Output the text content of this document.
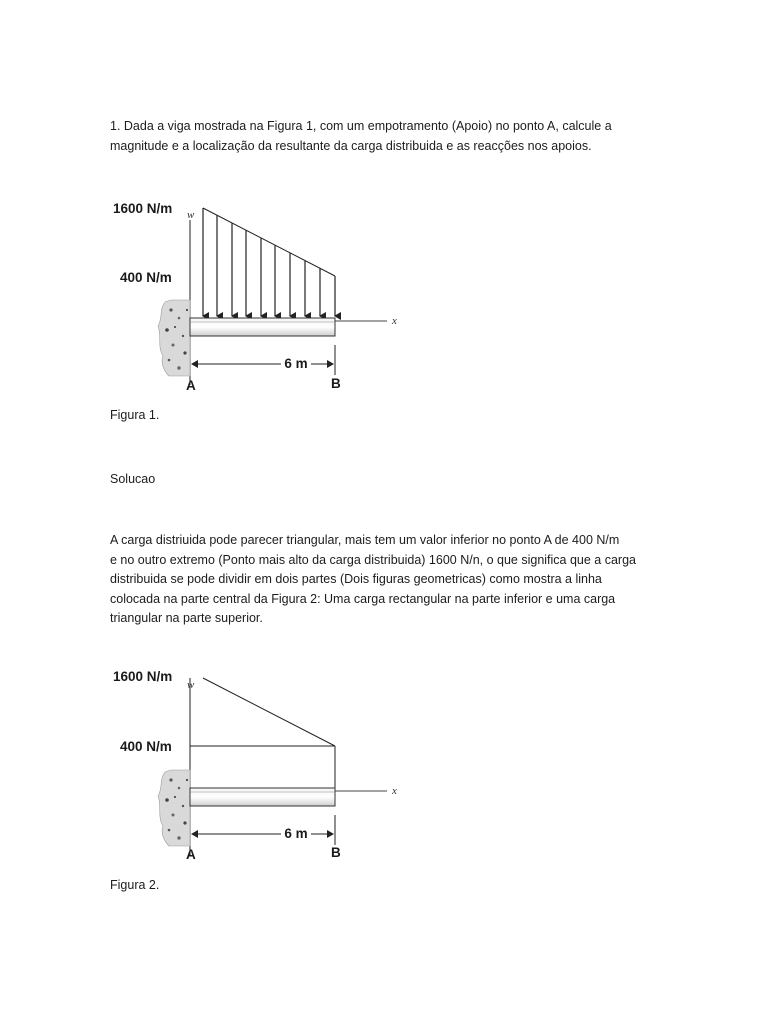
1. Dada a viga mostrada na Figura 1, com um empotramento (Apoio) no ponto A, calcule a
magnitude e a localização da resultante da carga distribuida e as reacções nos apoios.
1600 N/m
400 N/m
w
x
6 m
A	B

Figura 1.

Solucao

A carga distriuida pode parecer triangular, mais tem um valor inferior no ponto A de 400 N/m
e no outro extremo (Ponto mais alto da carga distribuida) 1600 N/n, o que significa que a carga
distribuida se pode dividir em dois partes (Dois figuras geometricas) como mostra a linha
colocada na parte central da Figura 2: Uma carga rectangular na parte inferior e uma carga
triangular na parte superior.
1600 N/m
400 N/m
w
x
6 m
A	B

Figura 2.
